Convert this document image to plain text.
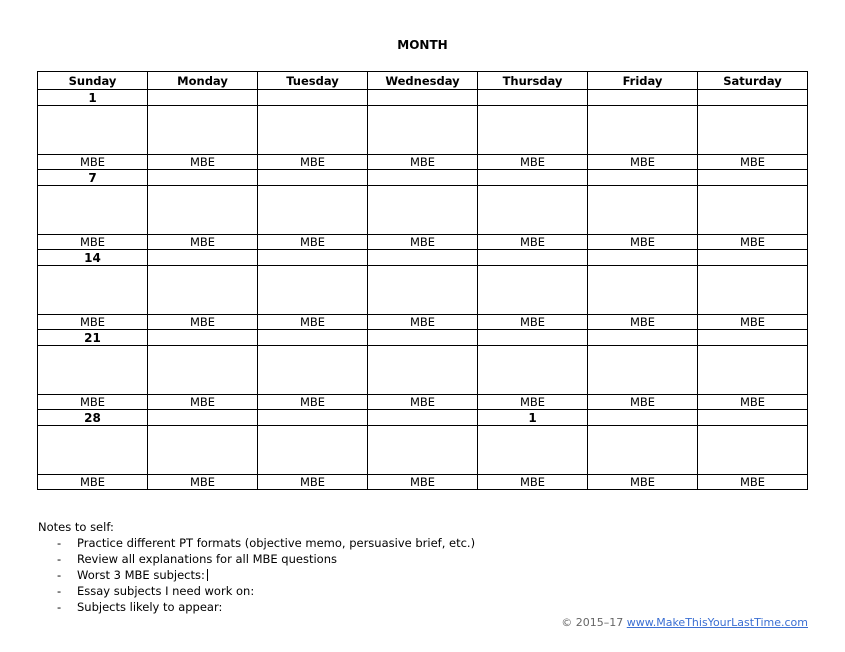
MONTH
Sunday	Monday	Tuesday	Wednesday	Thursday	Friday	Saturday
1						

MBE	MBE	MBE	MBE	MBE	MBE	MBE
7						

MBE	MBE	MBE	MBE	MBE	MBE	MBE
14						

MBE	MBE	MBE	MBE	MBE	MBE	MBE
21						

MBE	MBE	MBE	MBE	MBE	MBE	MBE
28				1		

MBE	MBE	MBE	MBE	MBE	MBE	MBE
Notes to self:
- Practice different PT formats (objective memo, persuasive brief, etc.)
- Review all explanations for all MBE questions
- Worst 3 MBE subjects:
- Essay subjects I need work on:
- Subjects likely to appear:
© 2015–17 www.MakeThisYourLastTime.com
